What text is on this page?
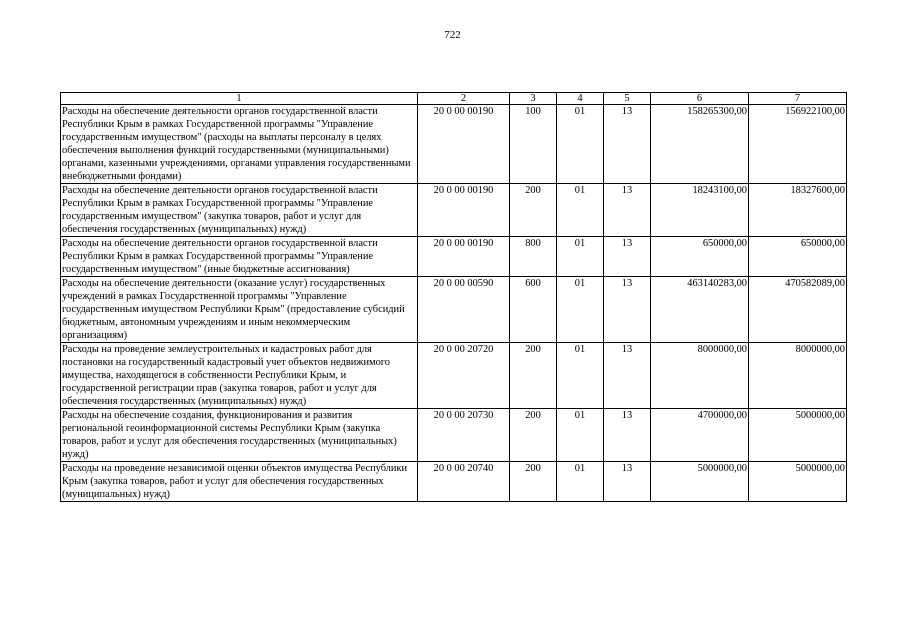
722
1	2	3	4	5	6	7
Расходы на обеспечение деятельности органов государственной власти Республики Крым в рамках Государственной программы "Управление государственным имуществом" (расходы на выплаты персоналу в целях обеспечения выполнения функций государственными (муниципальными) органами, казенными учреждениями, органами управления государственными внебюджетными фондами)	20 0 00 00190	100	01	13	158265300,00	156922100,00
Расходы на обеспечение деятельности органов государственной власти Республики Крым в рамках Государственной программы "Управление государственным имуществом" (закупка товаров, работ и услуг для обеспечения государственных (муниципальных) нужд)	20 0 00 00190	200	01	13	18243100,00	18327600,00
Расходы на обеспечение деятельности органов государственной власти Республики Крым в рамках Государственной программы "Управление государственным имуществом" (иные бюджетные ассигнования)	20 0 00 00190	800	01	13	650000,00	650000,00
Расходы на обеспечение деятельности (оказание услуг) государственных учреждений в рамках Государственной программы "Управление государственным имуществом Республики Крым" (предоставление субсидий бюджетным, автономным учреждениям и иным некоммерческим организациям)	20 0 00 00590	600	01	13	463140283,00	470582089,00
Расходы на проведение землеустроительных и кадастровых работ для постановки на государственный кадастровый учет объектов недвижимого имущества, находящегося в собственности Республики Крым, и государственной регистрации прав (закупка товаров, работ и услуг для обеспечения государственных (муниципальных) нужд)	20 0 00 20720	200	01	13	8000000,00	8000000,00
Расходы на обеспечение создания, функционирования и развития региональной геоинформационной системы Республики Крым (закупка товаров, работ и услуг для обеспечения государственных (муниципальных) нужд)	20 0 00 20730	200	01	13	4700000,00	5000000,00
Расходы на проведение независимой оценки объектов имущества Республики Крым (закупка товаров, работ и услуг для обеспечения государственных (муниципальных) нужд)	20 0 00 20740	200	01	13	5000000,00	5000000,00
